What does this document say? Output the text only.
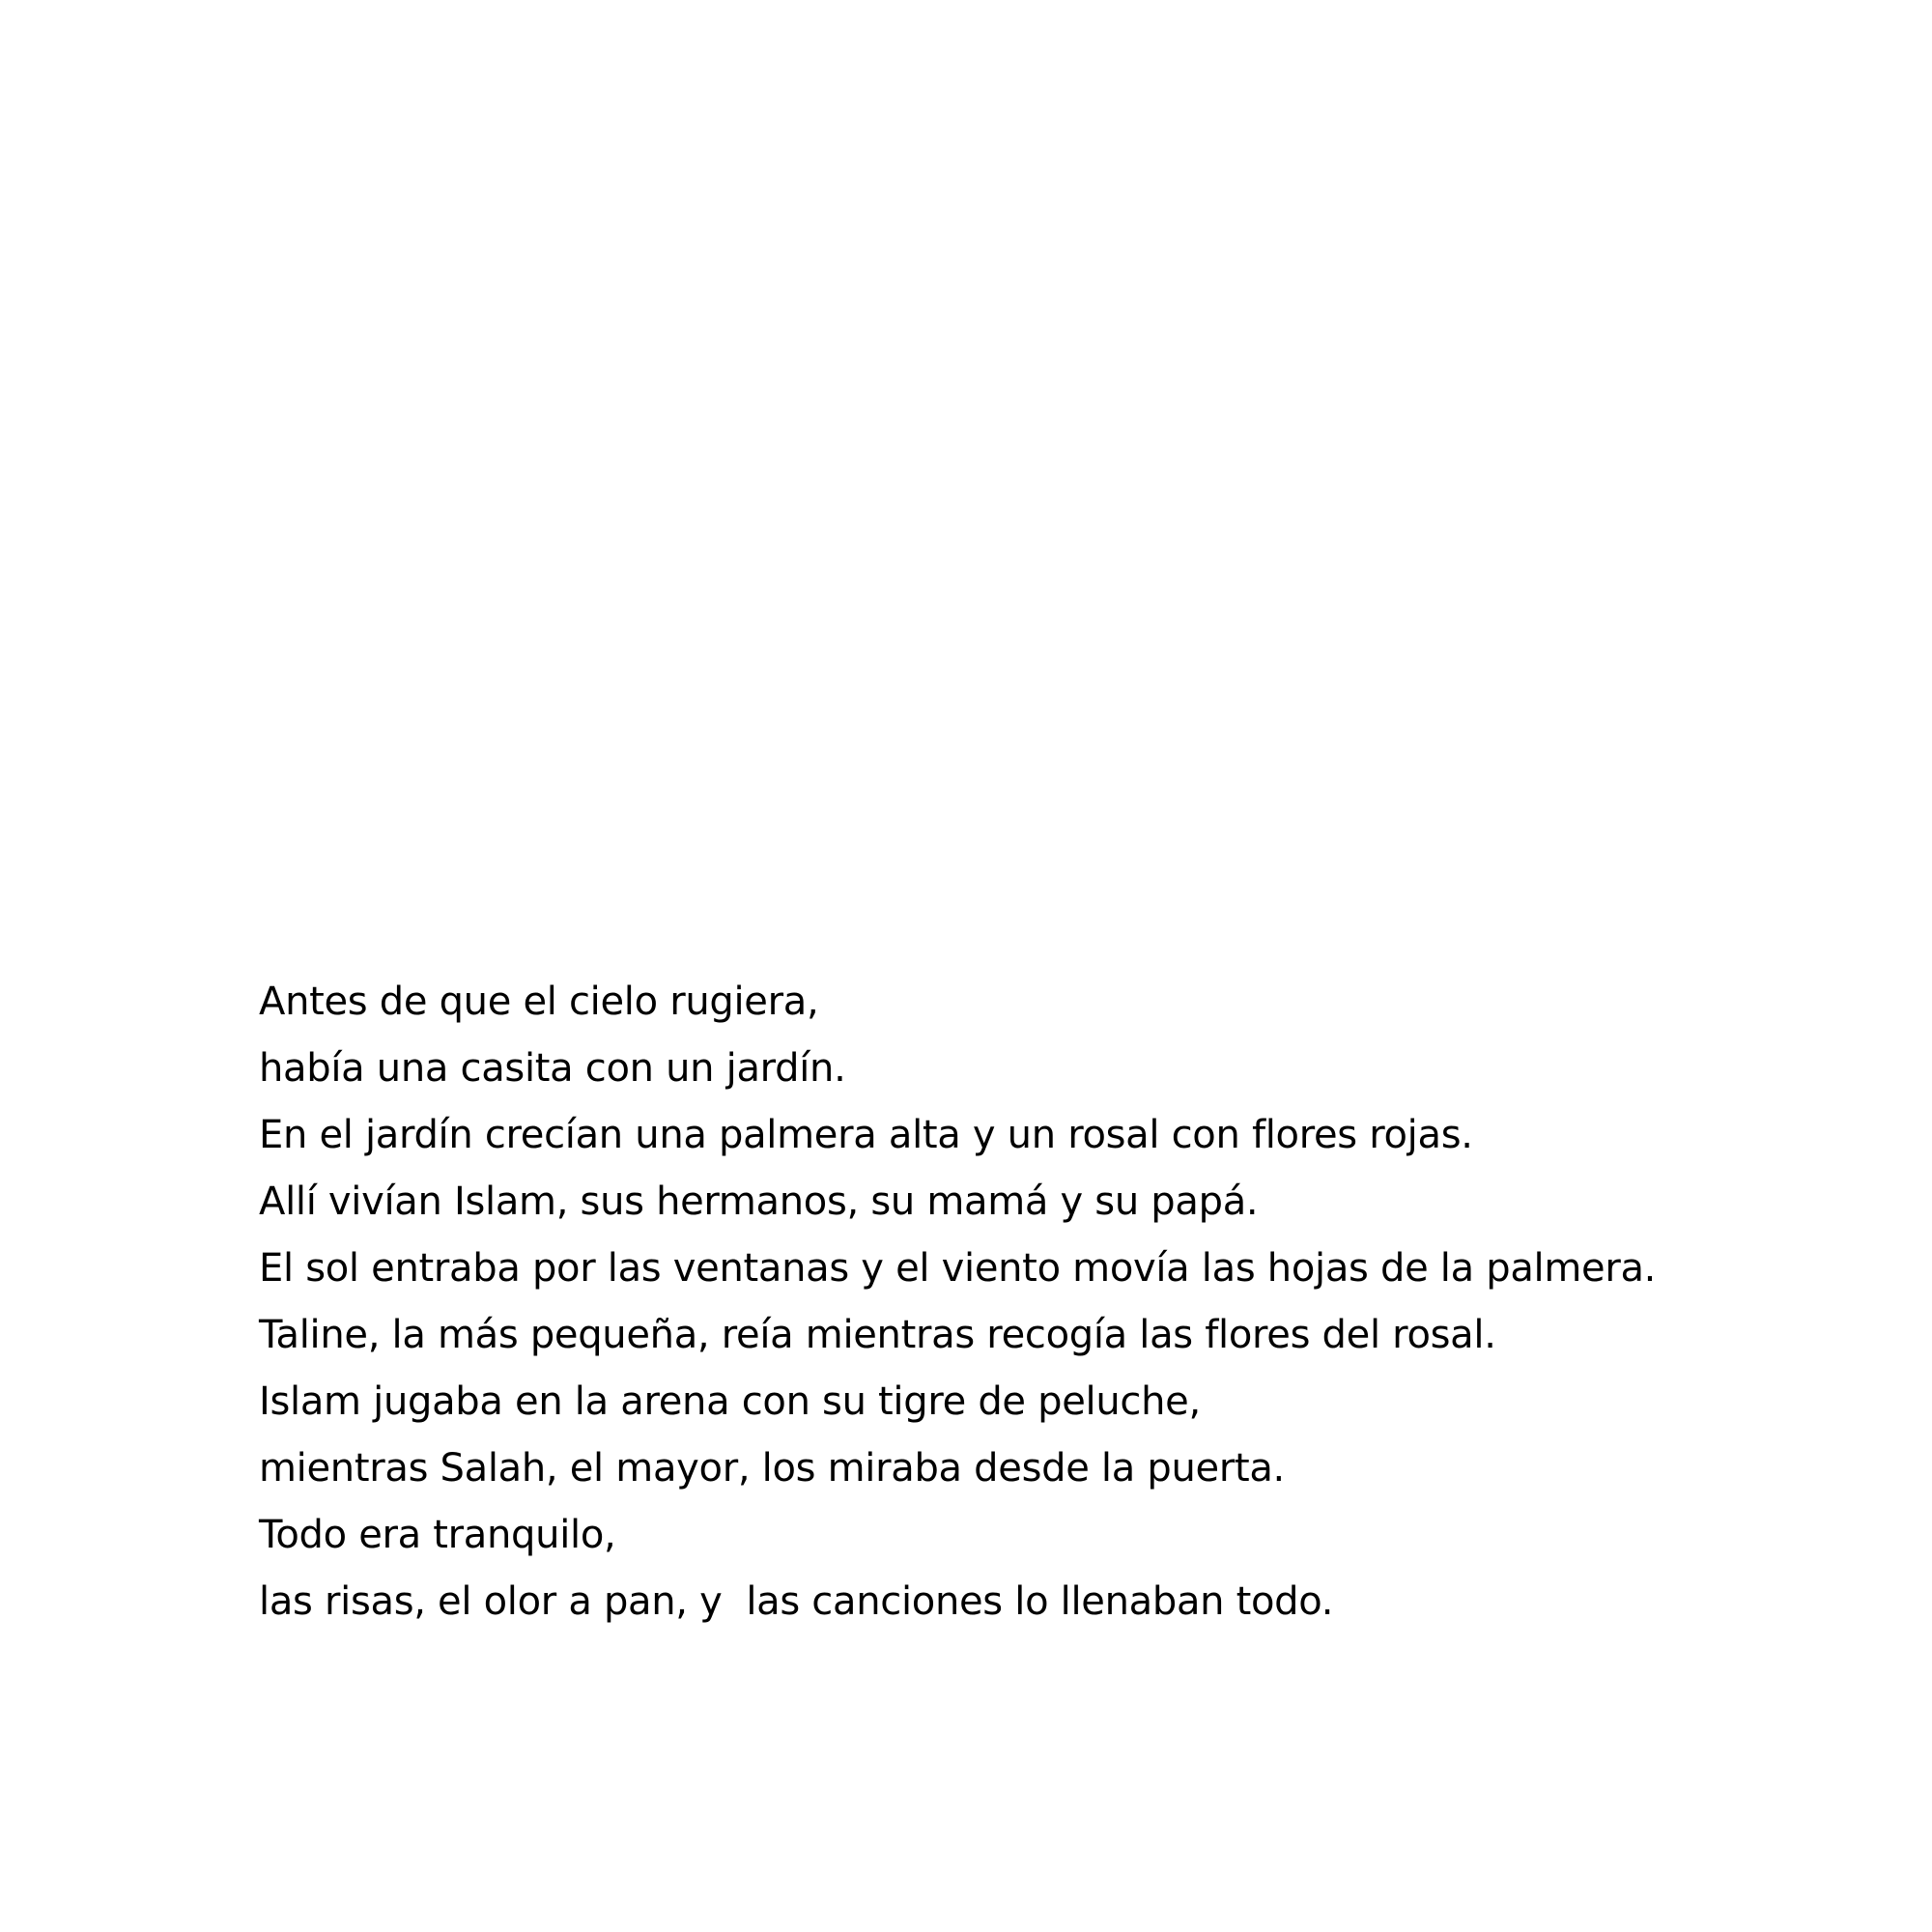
Antes de que el cielo rugiera,
había una casita con un jardín.
En el jardín crecían una palmera alta y un rosal con flores rojas.
Allí vivían Islam, sus hermanos, su mamá y su papá.
El sol entraba por las ventanas y el viento movía las hojas de la palmera.
Taline, la más pequeña, reía mientras recogía las flores del rosal.
Islam jugaba en la arena con su tigre de peluche,
mientras Salah, el mayor, los miraba desde la puerta.
Todo era tranquilo,
las risas, el olor a pan, y  las canciones lo llenaban todo.
